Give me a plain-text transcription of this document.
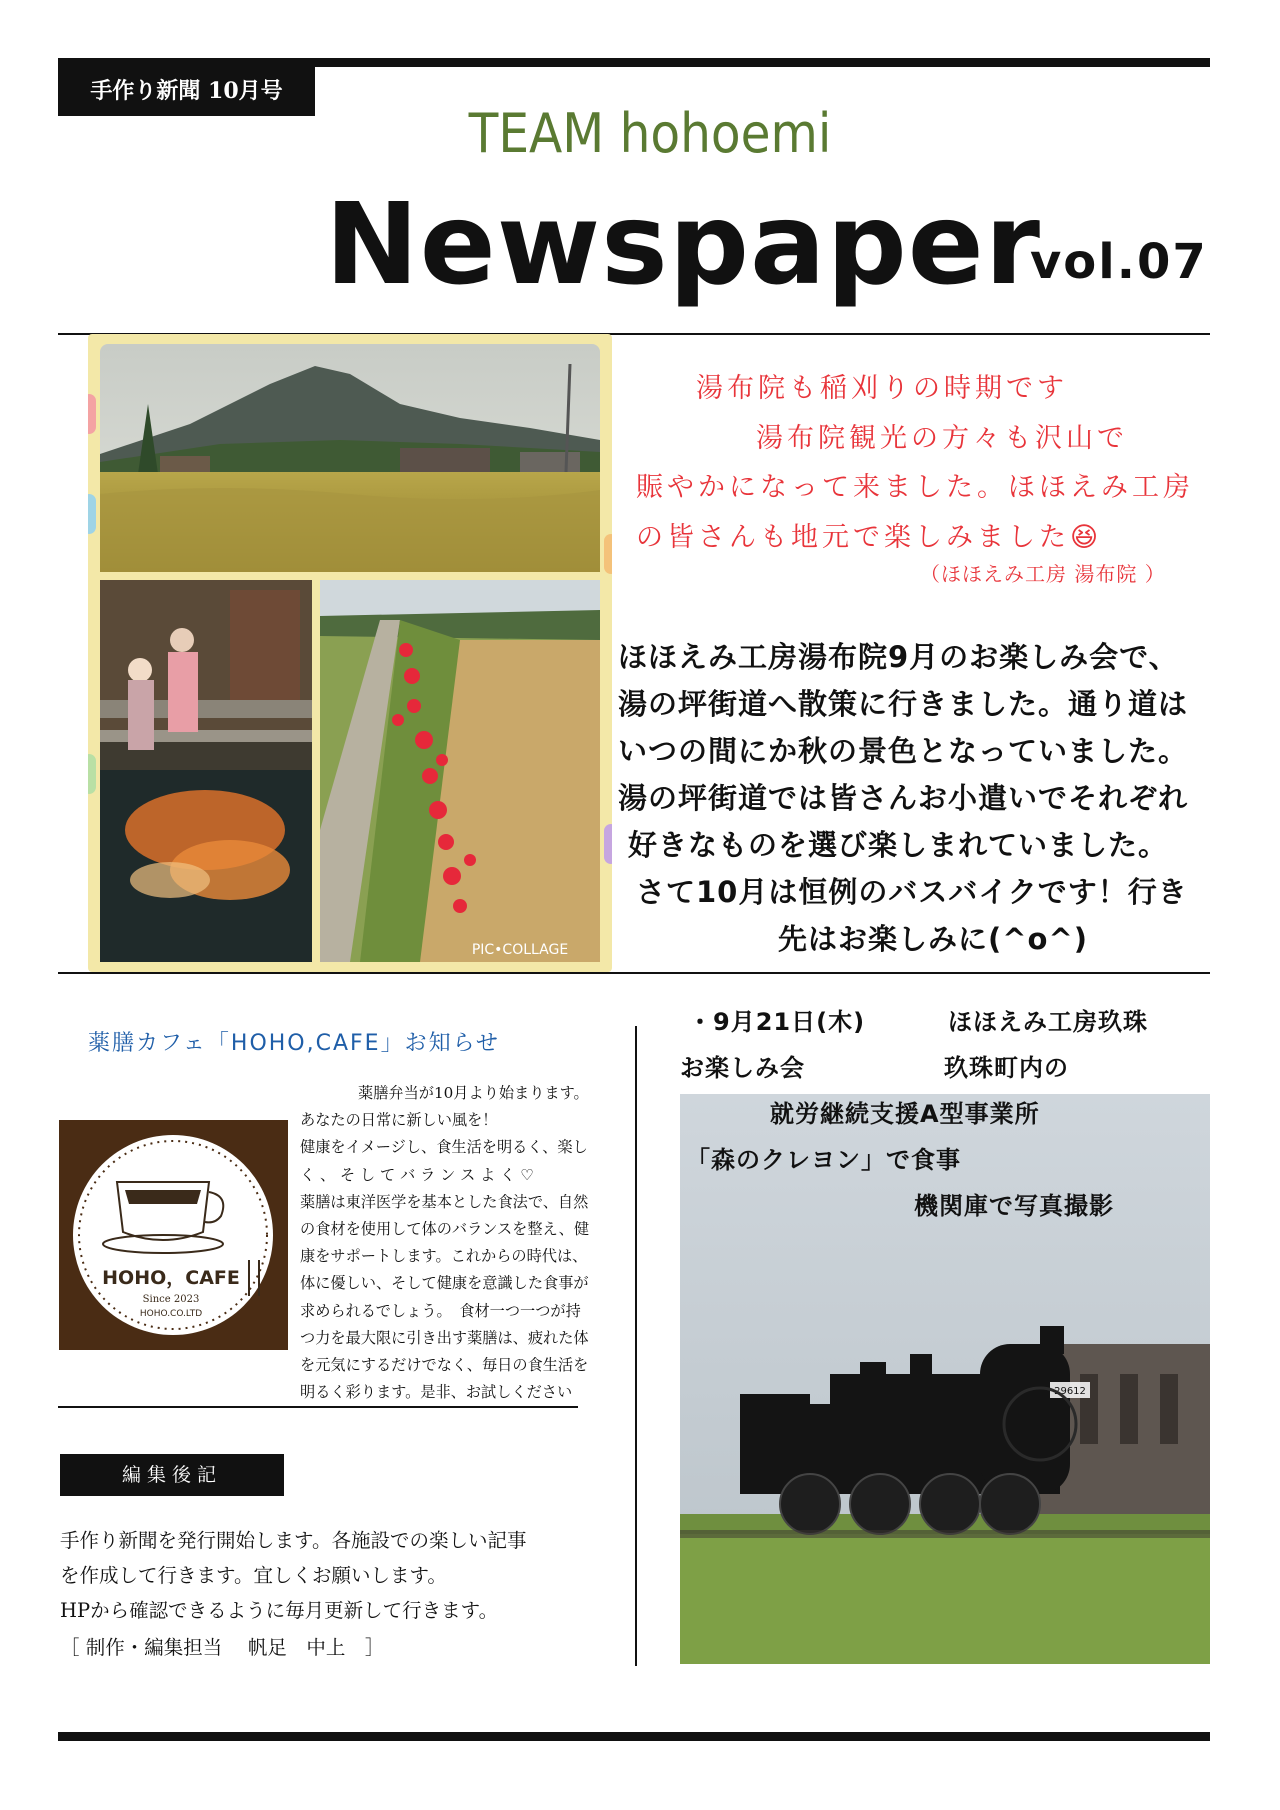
手作り新聞 10月号
TEAM hohoemi
Newspaper
vol.07
PIC•COLLAGE
湯布院も稲刈りの時期です
湯布院観光の方々も沢山で
賑やかになって来ました。ほほえみ工房
の皆さんも地元で楽しみました😆
（ほほえみ工房 湯布院 ）
ほほえみ工房湯布院9月のお楽しみ会で、
湯の坪街道へ散策に行きました。通り道は
いつの間にか秋の景色となっていました。
湯の坪街道では皆さんお小遣いでそれぞれ
好きなものを選び楽しまれていました。
さて10月は恒例のバスバイクです！行き
先はお楽しみに(^o^)
薬膳カフェ「HOHO,CAFE」お知らせ
HOHO，CAFE
Since 2023
HOHO.CO.LTD
薬膳弁当が10月より始まります。
あなたの日常に新しい風を！
健康をイメージし、食生活を明るく、楽し
く 、 そ し て バ ラ ン ス よ く ♡
薬膳は東洋医学を基本とした食法で、自然
の食材を使用して体のバランスを整え、健
康をサポートします。これからの時代は、
体に優しい、そして健康を意識した食事が
求められるでしょう。　食材一つ一つが持
つ力を最大限に引き出す薬膳は、疲れた体
を元気にするだけでなく、毎日の食生活を
明るく彩ります。是非、お試しください
編集後記
手作り新聞を発行開始します。各施設での楽しい記事
を作成して行きます。宜しくお願いします。
HPから確認できるように毎月更新して行きます。
［ 制作・編集担当　 帆足　中上　］
・9月21日(木)	ほほえみ工房玖珠
お楽しみ会	玖珠町内の
29612
就労継続支援A型事業所
「森のクレヨン」で食事
機関庫で写真撮影
